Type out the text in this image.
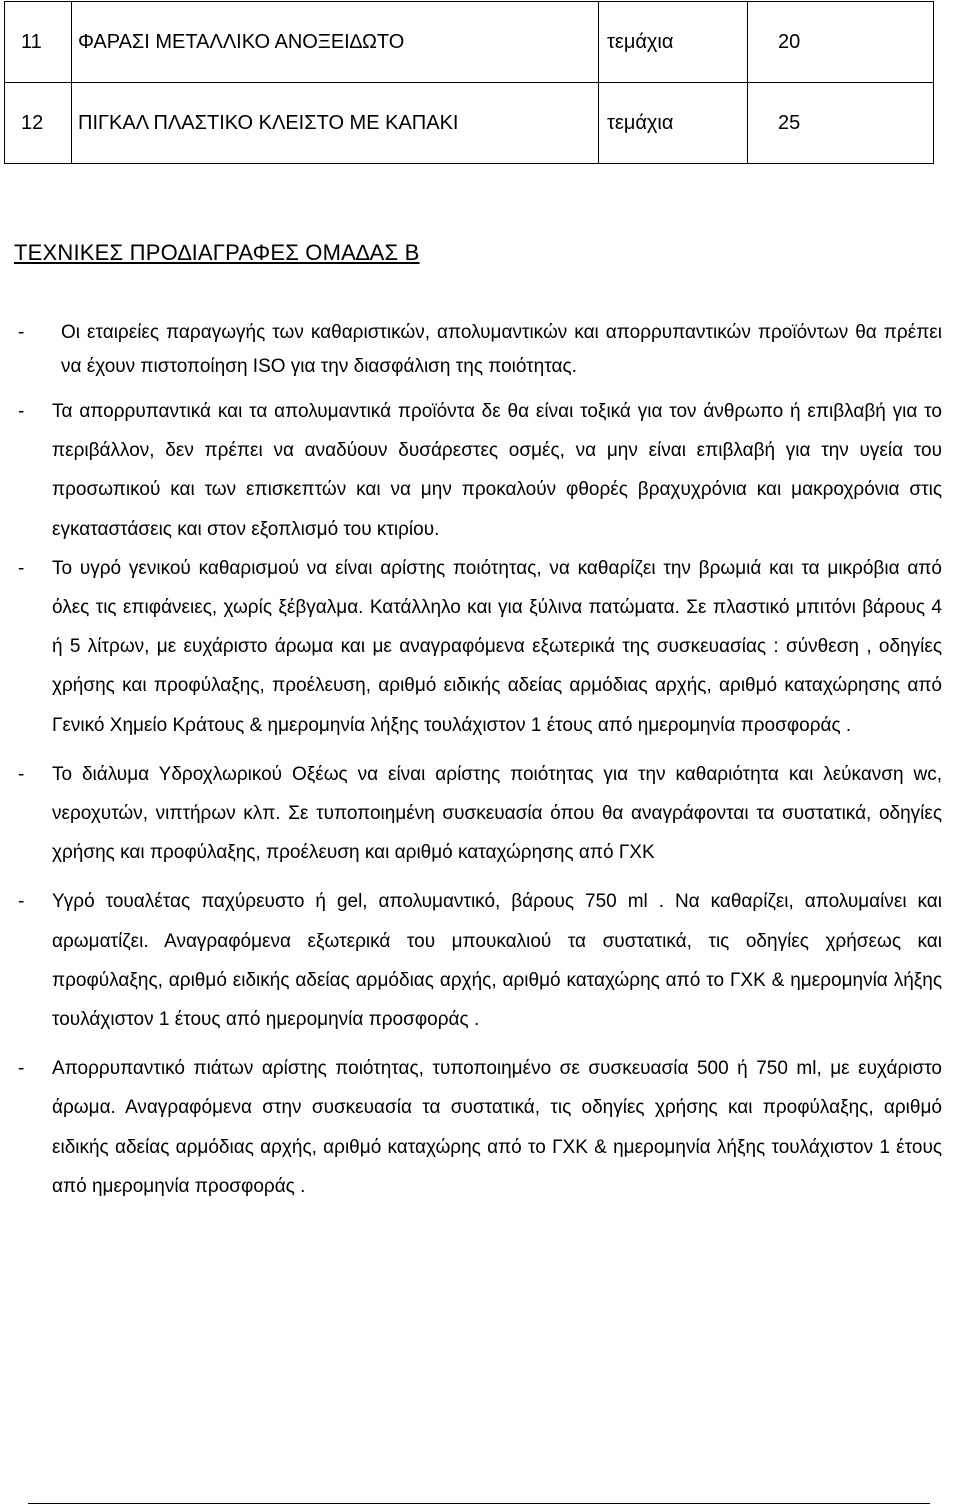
11	ΦΑΡΑΣΙ ΜΕΤΑΛΛΙΚΟ ΑΝΟΞΕΙ∆ΩΤΟ	τεμάχια	20
12	ΠΙΓΚΑΛ ΠΛΑΣΤΙΚΟ ΚΛΕΙΣΤΟ ΜΕ ΚΑΠΑΚΙ	τεμάχια	25
ΤΕΧΝΙΚΕΣ ΠΡΟ∆ΙΑΓΡΑΦΕΣ ΟΜΑ∆ΑΣ Β
- Οι εταιρείες παραγωγής των καθαριστικών, απολυμαντικών και απορρυπαντικών προϊόντων θα πρέπει να έχουν πιστοποίηση ISO για την διασφάλιση της ποιότητας.
- Τα απορρυπαντικά και τα απολυμαντικά προϊόντα δε θα είναι τοξικά για τον άνθρωπο ή επιβλαβή για το περιβάλλον, δεν πρέπει να αναδύουν δυσάρεστες οσμές, να μην είναι επιβλαβή για την υγεία του προσωπικού και των επισκεπτών και να μην προκαλούν φθορές βραχυχρόνια και μακροχρόνια στις εγκαταστάσεις και στον εξοπλισμό του κτιρίου.
- Το υγρό γενικού καθαρισμού να είναι αρίστης ποιότητας, να καθαρίζει την βρωμιά και τα μικρόβια από όλες τις επιφάνειες, χωρίς ξέβγαλμα. Κατάλληλο και για ξύλινα πατώματα. Σε πλαστικό μπιτόνι βάρους 4 ή 5 λίτρων, με ευχάριστο άρωμα και με αναγραφόμενα εξωτερικά της συσκευασίας : σύνθεση , οδηγίες χρήσης και προφύλαξης, προέλευση, αριθμό ειδικής αδείας αρμόδιας αρχής, αριθμό καταχώρησης από Γενικό Χημείο Κράτους & ημερομηνία λήξης τουλάχιστον 1 έτους από ημερομηνία προσφοράς .
- Το διάλυμα Υδροχλωρικού Οξέως να είναι αρίστης ποιότητας για την καθαριότητα και λεύκανση wc, νεροχυτών, νιπτήρων κλπ. Σε τυποποιημένη συσκευασία όπου θα αναγράφονται τα συστατικά, οδηγίες χρήσης και προφύλαξης, προέλευση και αριθμό καταχώρησης από ΓΧΚ
- Υγρό τουαλέτας παχύρευστο ή gel, απολυμαντικό, βάρους 750 ml . Να καθαρίζει, απολυμαίνει και αρωματίζει. Αναγραφόμενα εξωτερικά του μπουκαλιού τα συστατικά, τις οδηγίες χρήσεως και προφύλαξης, αριθμό ειδικής αδείας αρμόδιας αρχής, αριθμό καταχώρης από το ΓΧΚ & ημερομηνία λήξης τουλάχιστον 1 έτους από ημερομηνία προσφοράς .
- Απορρυπαντικό πιάτων αρίστης ποιότητας, τυποποιημένο σε συσκευασία 500 ή 750 ml, με ευχάριστο άρωμα. Αναγραφόμενα στην συσκευασία τα συστατικά, τις οδηγίες χρήσης και προφύλαξης, αριθμό ειδικής αδείας αρμόδιας αρχής, αριθμό καταχώρης από το ΓΧΚ & ημερομηνία λήξης τουλάχιστον 1 έτους από ημερομηνία προσφοράς .
